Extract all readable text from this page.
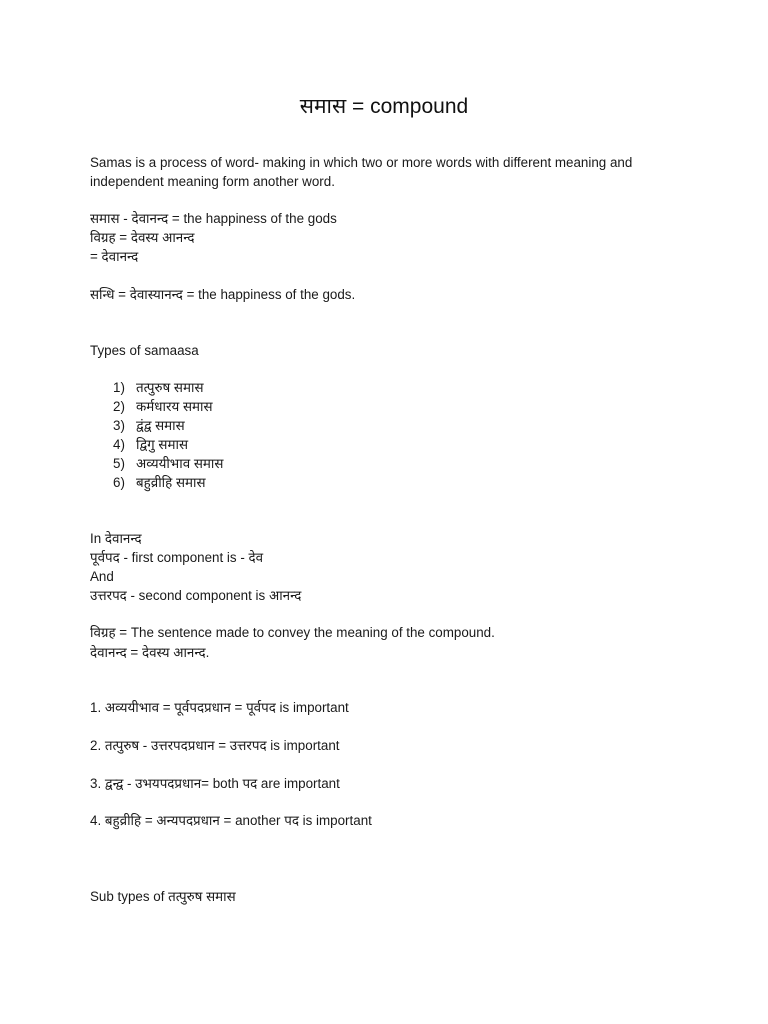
समास = compound
Samas is a process of word- making in which two or more words with different meaning and
independent meaning form another word.
समास - देवानन्द = the happiness of the gods
विग्रह = देवस्य आनन्द
= देवानन्द
सन्धि = देवास्यानन्द = the happiness of the gods.
Types of samaasa
1) तत्पुरुष समास
2) कर्मधारय समास
3) द्वंद्व समास
4) द्विगु समास
5) अव्ययीभाव समास
6) बहुव्रीहि समास
In देवानन्द
पूर्वपद - first component is - देव
And
उत्तरपद - second component is आनन्द
विग्रह = The sentence made to convey the meaning of the compound.
देवानन्द = देवस्य आनन्द.
1. अव्ययीभाव = पूर्वपदप्रधान = पूर्वपद is important
2. तत्पुरुष - उत्तरपदप्रधान = उत्तरपद is important
3. द्वन्द्व - उभयपदप्रधान= both पद are important
4. बहुव्रीहि = अन्यपदप्रधान = another पद is important
Sub types of तत्पुरुष समास
